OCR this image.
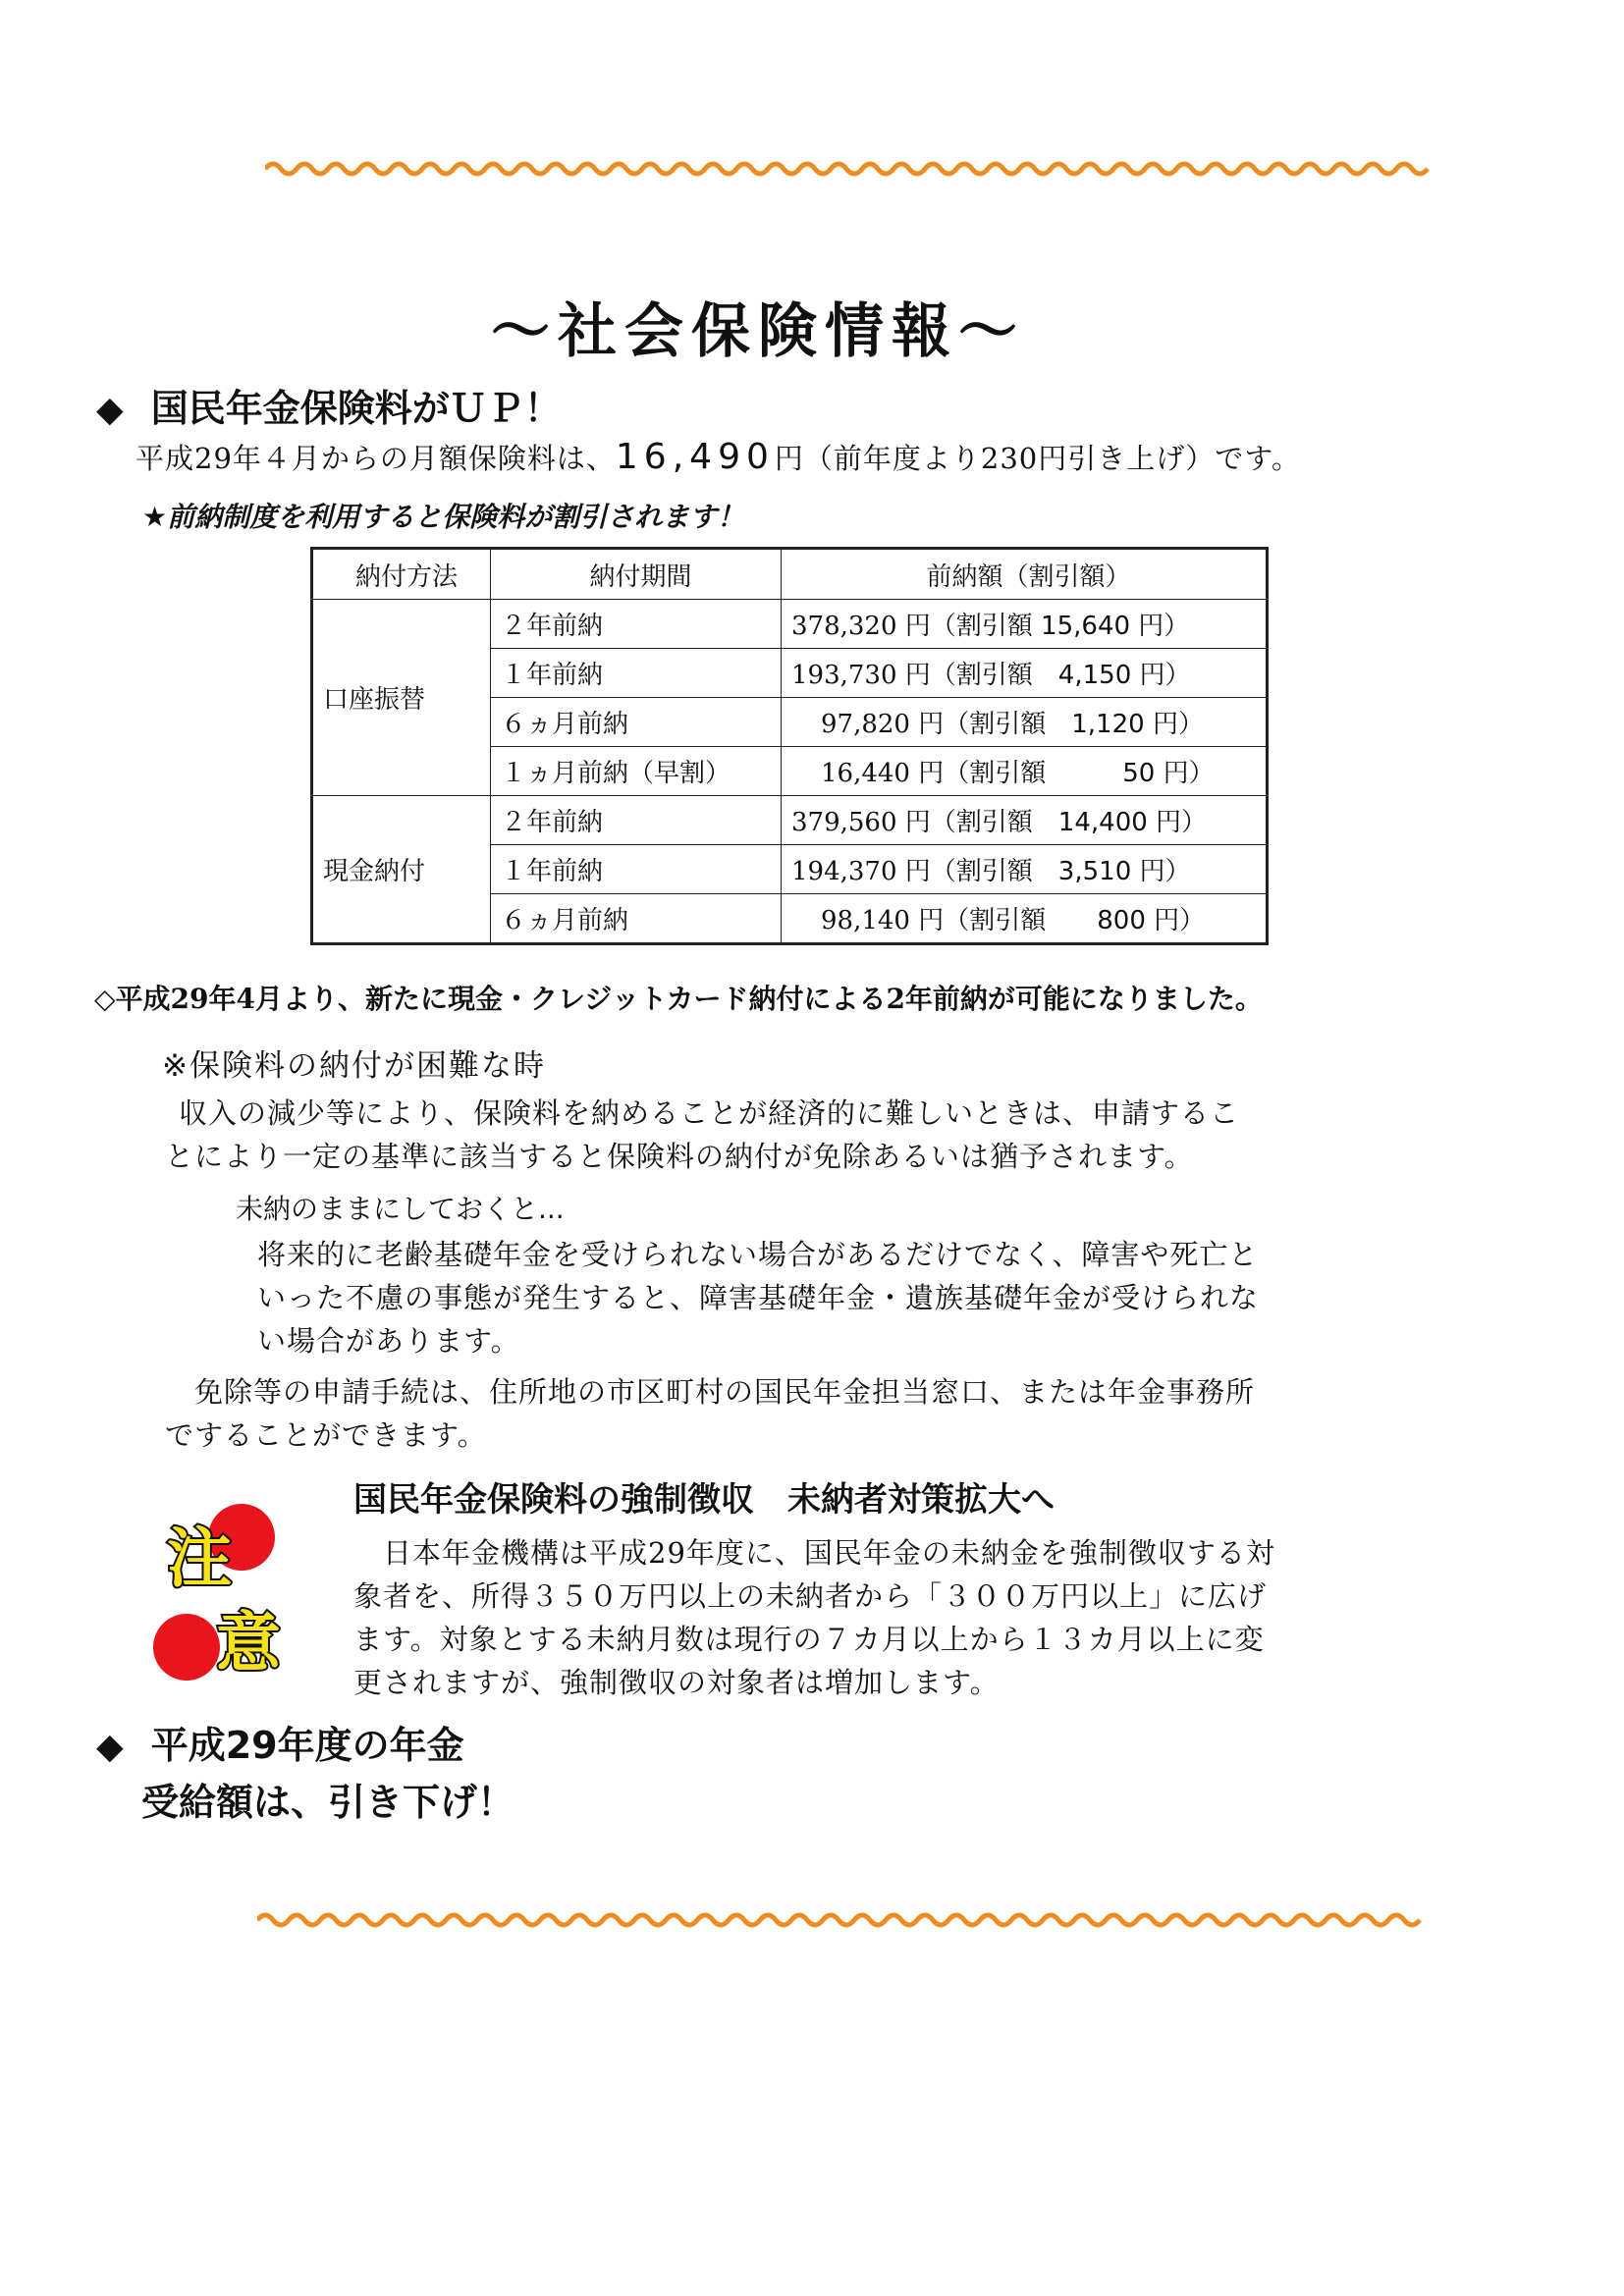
～社会保険情報～
◆ 国民年金保険料がＵＰ！
平成29年４月からの月額保険料は、16,490円（前年度より230円引き上げ）です。
★前納制度を利用すると保険料が割引されます！
納付方法	納付期間	前納額（割引額）
口座振替	２年前納	378,320 円（割引額 15,640 円）
	１年前納	193,730 円（割引額　4,150 円）
	６ヵ月前納	97,820 円（割引額　1,120 円）
	１ヵ月前納（早割）	16,440 円（割引額　　　50 円）
現金納付	２年前納	379,560 円（割引額　14,400 円）
	１年前納	194,370 円（割引額　3,510 円）
	６ヵ月前納	98,140 円（割引額　　800 円）
◇平成29年4月より、新たに現金・クレジットカード納付による2年前納が可能になりました。
※保険料の納付が困難な時
収入の減少等により、保険料を納めることが経済的に難しいときは、申請するこ
とにより一定の基準に該当すると保険料の納付が免除あるいは猶予されます。
未納のままにしておくと...
将来的に老齢基礎年金を受けられない場合があるだけでなく、障害や死亡と
いった不慮の事態が発生すると、障害基礎年金・遺族基礎年金が受けられな
い場合があります。
免除等の申請手続は、住所地の市区町村の国民年金担当窓口、または年金事務所
ですることができます。
注
意
国民年金保険料の強制徴収　未納者対策拡大へ
日本年金機構は平成29年度に、国民年金の未納金を強制徴収する対
象者を、所得３５０万円以上の未納者から「３００万円以上」に広げ
ます。対象とする未納月数は現行の７カ月以上から１３カ月以上に変
更されますが、強制徴収の対象者は増加します。
◆ 平成29年度の年金
受給額は、引き下げ！
